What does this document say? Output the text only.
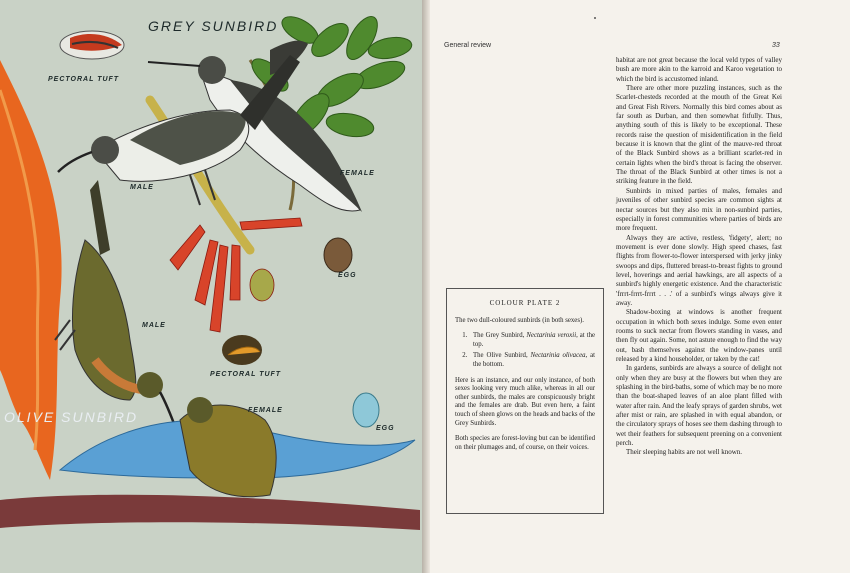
GREY SUNBIRD
OLIVE SUNBIRD
PECTORAL TUFT
MALE
FEMALE
EGG
MALE
PECTORAL TUFT
FEMALE
EGG
General review	33

habitat are not great because the local veld types of valley bush are more akin to the karroid and Karoo vegetation to which the bird is accustomed inland.

There are other more puzzling instances, such as the Scarlet-chesteds recorded at the mouth of the Great Kei and Great Fish Rivers. Normally this bird comes about as far south as Durban, and then somewhat fitfully. Thus, anything south of this is likely to be exceptional. These records raise the question of misidentification in the field because it is known that the glint of the mauve-red throat of the Black Sunbird shows as a brilliant scarlet-red in certain lights when the bird's throat is facing the observer. The throat of the Black Sunbird at other times is not a striking feature in the field.

Sunbirds in mixed parties of males, females and juveniles of other sunbird species are common sights at nectar sources but they also mix in non-sunbird parties, especially in forest communities where parties of birds are more frequent.

Always they are active, restless, 'fidgety', alert; no movement is ever done slowly. High speed chases, fast flights from flower-to-flower interspersed with jerky jinky swoops and dips, fluttered breast-to-breast fights to ground level, hoverings and aerial hawkings, are all aspects of a sunbird's highly energetic existence. And the characteristic 'frrrt-frrrt-frrrt . . .' of a sunbird's wings always give it away.

Shadow-boxing at windows is another frequent occupation in which both sexes indulge. Some even enter rooms to suck nectar from flowers standing in vases, and then fly out again. Some, not astute enough to find the way out, bash themselves against the window-panes until released by a kind householder, or taken by the cat!

In gardens, sunbirds are always a source of delight not only when they are busy at the flowers but when they are splashing in the bird-baths, some of which may be no more than the boat-shaped leaves of an aloe plant filled with water after rain. And the leafy sprays of garden shrubs, wet after mist or rain, are splashed in with equal abandon, or the circulatory sprays of hoses see them dashing through to wet their feathers for subsequent preening on a convenient perch.

Their sleeping habits are not well known.

COLOUR PLATE 2

The two dull-coloured sunbirds (in both sexes).

1. The Grey Sunbird, Nectarinia veroxii, at the top.
2. The Olive Sunbird, Nectarinia olivacea, at the bottom.

Here is an instance, and our only instance, of both sexes looking very much alike, whereas in all our other sunbirds, the males are conspicuously bright and the females are drab. But even here, a faint touch of sheen glows on the heads and backs of the Grey Sunbirds.

Both species are forest-loving but can be identified on their plumages and, of course, on their voices.
